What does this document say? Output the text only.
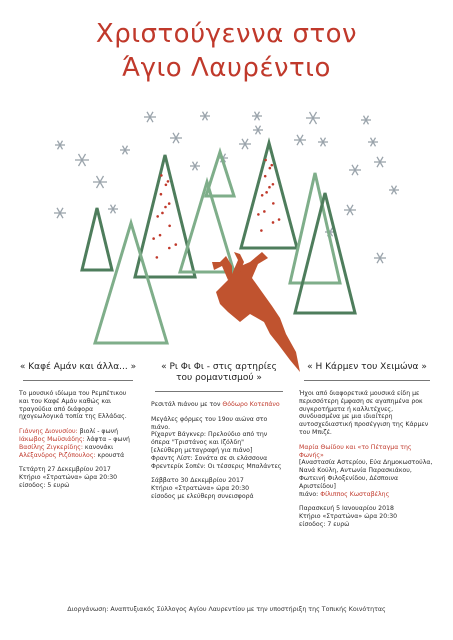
Χριστούγεννα στον
Άγιο Λαυρέντιο

« Καφέ Αμάν και άλλα... »

Το μουσικό ιδίωμα του Ρεμπέτικου και του Καφέ Αμάν καθώς και τραγούδια από διάφορα ηχογεωλογικά τοπία της Ελλάδας.

Γιάννης Διονυσίου: βιολί - φωνή
Ιάκωβος Μωϋσιάδης: λάφτα – φωνή
Βασίλης Ζιγκερίδης: κανονάκι
Αλέξανδρος Ριζόπουλος: κρουστά

Τετάρτη 27 Δεκεμβρίου 2017
Κτήριο «Στρατώνα» ώρα 20:30
είσοδος: 5 ευρώ

« Ρι Φι Φι - στις αρτηρίες
του ρομαντισμού »

Ρεσιτάλ πιάνου με τον Θόδωρο Κοτεπάνο

Μεγάλες φόρμες του 19ου αιώνα στο πιάνο.
Ρίχαρντ Βάγκνερ: Πρελούδιο από την όπερα "Τριστάνος και Ιζόλδη"
[ελεύθερη μεταγραφή για πιάνο]
Φραντς Λίστ: Σονάτα σε σι ελάσσονα
Φρεντερίκ Σοπέν: Οι τέσσερις Μπαλάντες

Σάββατο 30 Δεκεμβρίου 2017
Κτήριο «Στρατώνα» ώρα 20:30
είσοδος με ελεύθερη συνεισφορά

« Η Κάρμεν του Χειμώνα »

Ήχοι από διαφορετικά μουσικά είδη με περισσότερη έμφαση σε αγαπημένα ροκ συγκροτήματα ή καλλιτέχνες, συνδυασμένα με μια ιδιαίτερη αυτοσχεδιαστική προσέγγιση της Κάρμεν του Μπιζέ.

Μαρία Θωίδου και «το Πέταγμα της Φωνής»
[Αναστασία Αστερίου, Εύα Δημοκωστούλα, Νανά Κούλη, Αντωνία Παρασκιάκου, Φωτεινή Φιλοξενίδου, Δέσποινα Αριστείδου]
πιάνο: Φίλιππος Κωσταβέλης

Παρασκευή 5 Ιανουαρίου 2018
Κτήριο «Στρατώνα» ώρα 20:30
είσοδος: 7 ευρώ

Διοργάνωση: Αναπτυξιακός Σύλλογος Αγίου Λαυρεντίου με την υποστήριξη της Τοπικής Κοινότητας
